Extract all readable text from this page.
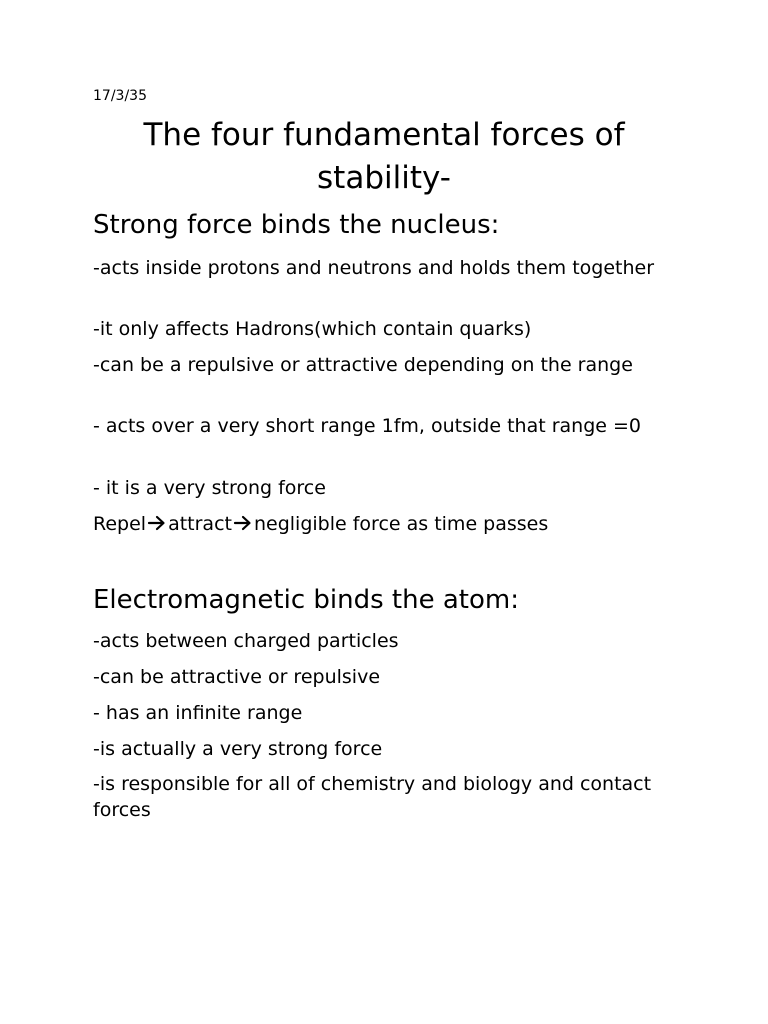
17/3/35
The four fundamental forces of stability-
Strong force binds the nucleus:

-acts inside protons and neutrons and holds them together

-it only affects Hadrons(which contain quarks)

-can be a repulsive or attractive depending on the range

- acts over a very short range 1fm, outside that range =0

- it is a very strong force

Repel attract negligible force as time passes

Electromagnetic binds the atom:

-acts between charged particles

-can be attractive or repulsive

- has an infinite range

-is actually a very strong force

-is responsible for all of chemistry and biology and contact forces
